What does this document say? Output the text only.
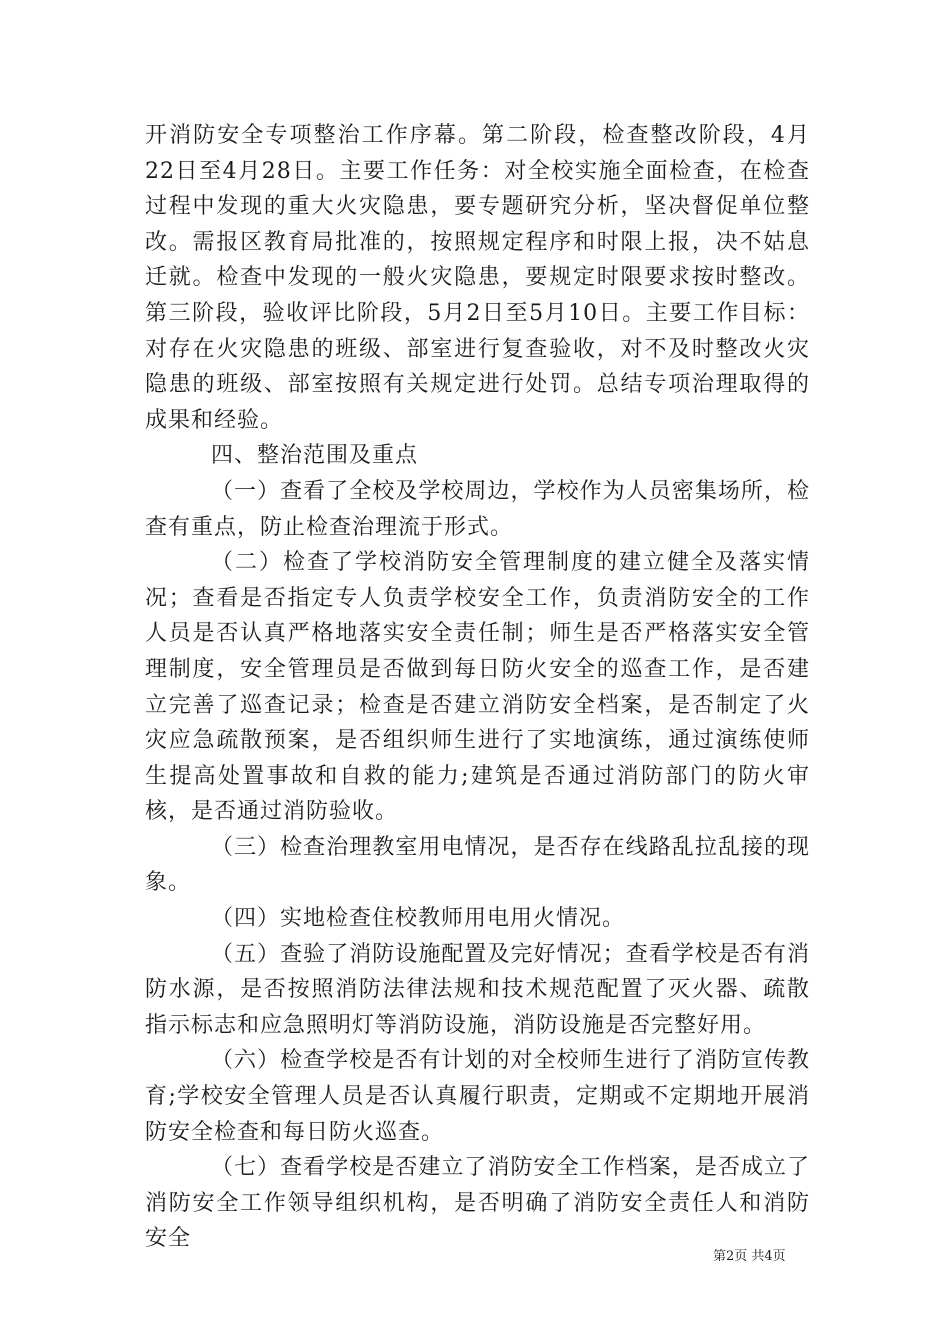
开消防安全专项整治工作序幕。第二阶段，检查整改阶段，4月22日至4月28日。主要工作任务：对全校实施全面检查，在检查过程中发现的重大火灾隐患，要专题研究分析，坚决督促单位整改。需报区教育局批准的，按照规定程序和时限上报，决不姑息迁就。检查中发现的一般火灾隐患，要规定时限要求按时整改。第三阶段，验收评比阶段，5月2日至5月10日。主要工作目标：对存在火灾隐患的班级、部室进行复查验收，对不及时整改火灾隐患的班级、部室按照有关规定进行处罚。总结专项治理取得的成果和经验。

四、整治范围及重点

（一）查看了全校及学校周边，学校作为人员密集场所，检查有重点，防止检查治理流于形式。

（二）检查了学校消防安全管理制度的建立健全及落实情况；查看是否指定专人负责学校安全工作，负责消防安全的工作人员是否认真严格地落实安全责任制；师生是否严格落实安全管理制度，安全管理员是否做到每日防火安全的巡查工作，是否建立完善了巡查记录；检查是否建立消防安全档案，是否制定了火灾应急疏散预案，是否组织师生进行了实地演练，通过演练使师生提高处置事故和自救的能力;建筑是否通过消防部门的防火审核，是否通过消防验收。

（三）检查治理教室用电情况，是否存在线路乱拉乱接的现象。

（四）实地检查住校教师用电用火情况。

（五）查验了消防设施配置及完好情况；查看学校是否有消防水源，是否按照消防法律法规和技术规范配置了灭火器、疏散指示标志和应急照明灯等消防设施，消防设施是否完整好用。

（六）检查学校是否有计划的对全校师生进行了消防宣传教育;学校安全管理人员是否认真履行职责，定期或不定期地开展消防安全检查和每日防火巡查。

（七）查看学校是否建立了消防安全工作档案，是否成立了消防安全工作领导组织机构，是否明确了消防安全责任人和消防安全

第2页 共4页
